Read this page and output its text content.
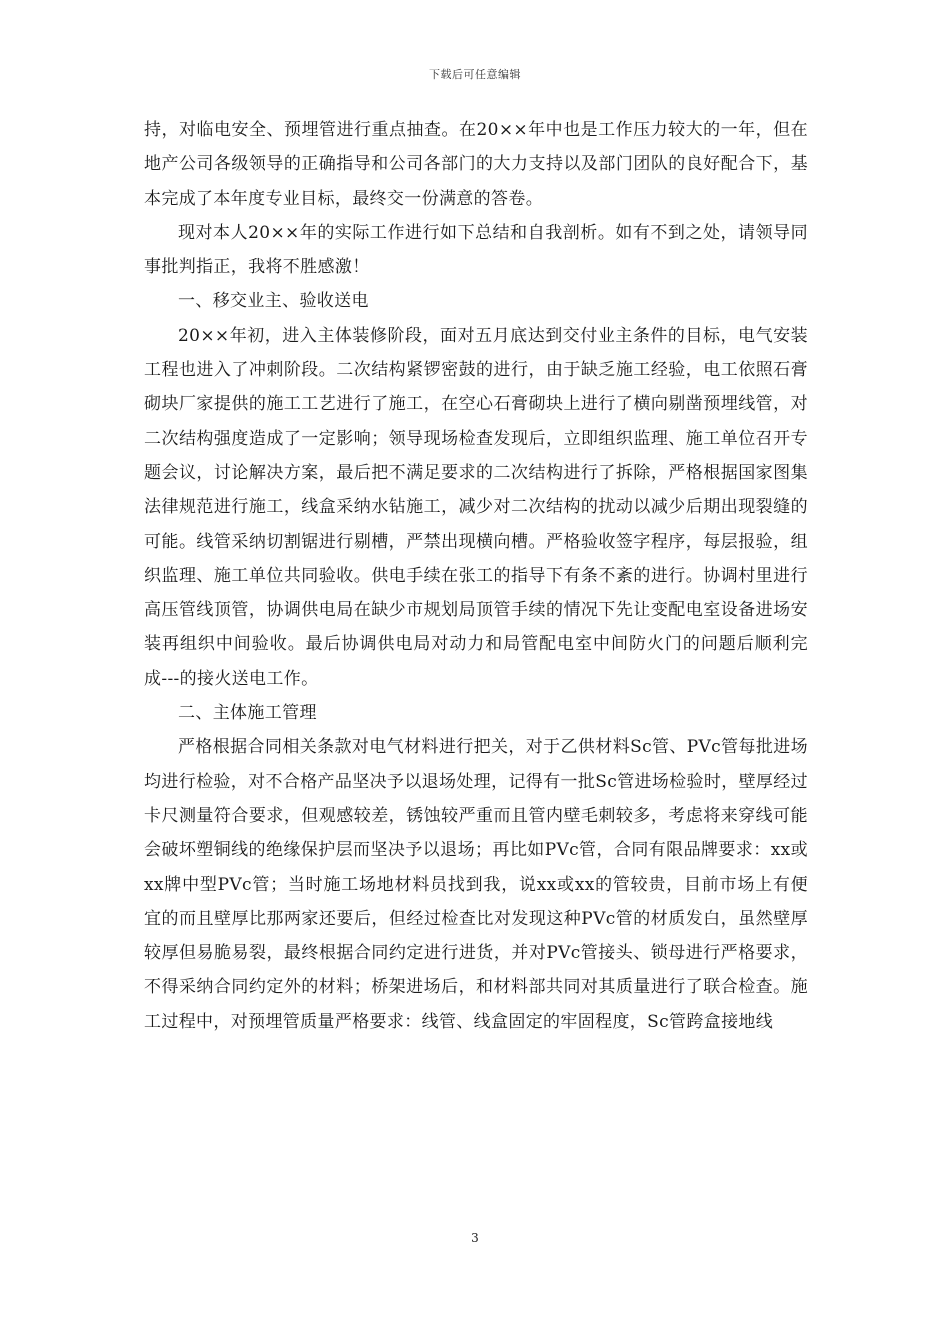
下载后可任意编辑

持，对临电安全、预埋管进行重点抽查。在20××年中也是工作压力较大的一年，但在地产公司各级领导的正确指导和公司各部门的大力支持以及部门团队的良好配合下，基本完成了本年度专业目标，最终交一份满意的答卷。

现对本人20××年的实际工作进行如下总结和自我剖析。如有不到之处，请领导同事批判指正，我将不胜感激！

一、移交业主、验收送电

20××年初，进入主体装修阶段，面对五月底达到交付业主条件的目标，电气安装工程也进入了冲刺阶段。二次结构紧锣密鼓的进行，由于缺乏施工经验，电工依照石膏砌块厂家提供的施工工艺进行了施工，在空心石膏砌块上进行了横向剔凿预埋线管，对二次结构强度造成了一定影响；领导现场检查发现后，立即组织监理、施工单位召开专题会议，讨论解决方案，最后把不满足要求的二次结构进行了拆除，严格根据国家图集法律规范进行施工，线盒采纳水钻施工，减少对二次结构的扰动以减少后期出现裂缝的可能。线管采纳切割锯进行剔槽，严禁出现横向槽。严格验收签字程序，每层报验，组织监理、施工单位共同验收。供电手续在张工的指导下有条不紊的进行。协调村里进行高压管线顶管，协调供电局在缺少市规划局顶管手续的情况下先让变配电室设备进场安装再组织中间验收。最后协调供电局对动力和局管配电室中间防火门的问题后顺利完成---的接火送电工作。

二、主体施工管理

严格根据合同相关条款对电气材料进行把关，对于乙供材料Sc管、PVc管每批进场均进行检验，对不合格产品坚决予以退场处理，记得有一批Sc管进场检验时，壁厚经过卡尺测量符合要求，但观感较差，锈蚀较严重而且管内壁毛刺较多，考虑将来穿线可能会破坏塑铜线的绝缘保护层而坚决予以退场；再比如PVc管，合同有限品牌要求：xx或xx牌中型PVc管；当时施工场地材料员找到我，说xx或xx的管较贵，目前市场上有便宜的而且壁厚比那两家还要后，但经过检查比对发现这种PVc管的材质发白，虽然壁厚较厚但易脆易裂，最终根据合同约定进行进货，并对PVc管接头、锁母进行严格要求，不得采纳合同约定外的材料；桥架进场后，和材料部共同对其质量进行了联合检查。施工过程中，对预埋管质量严格要求：线管、线盒固定的牢固程度，Sc管跨盒接地线

3
